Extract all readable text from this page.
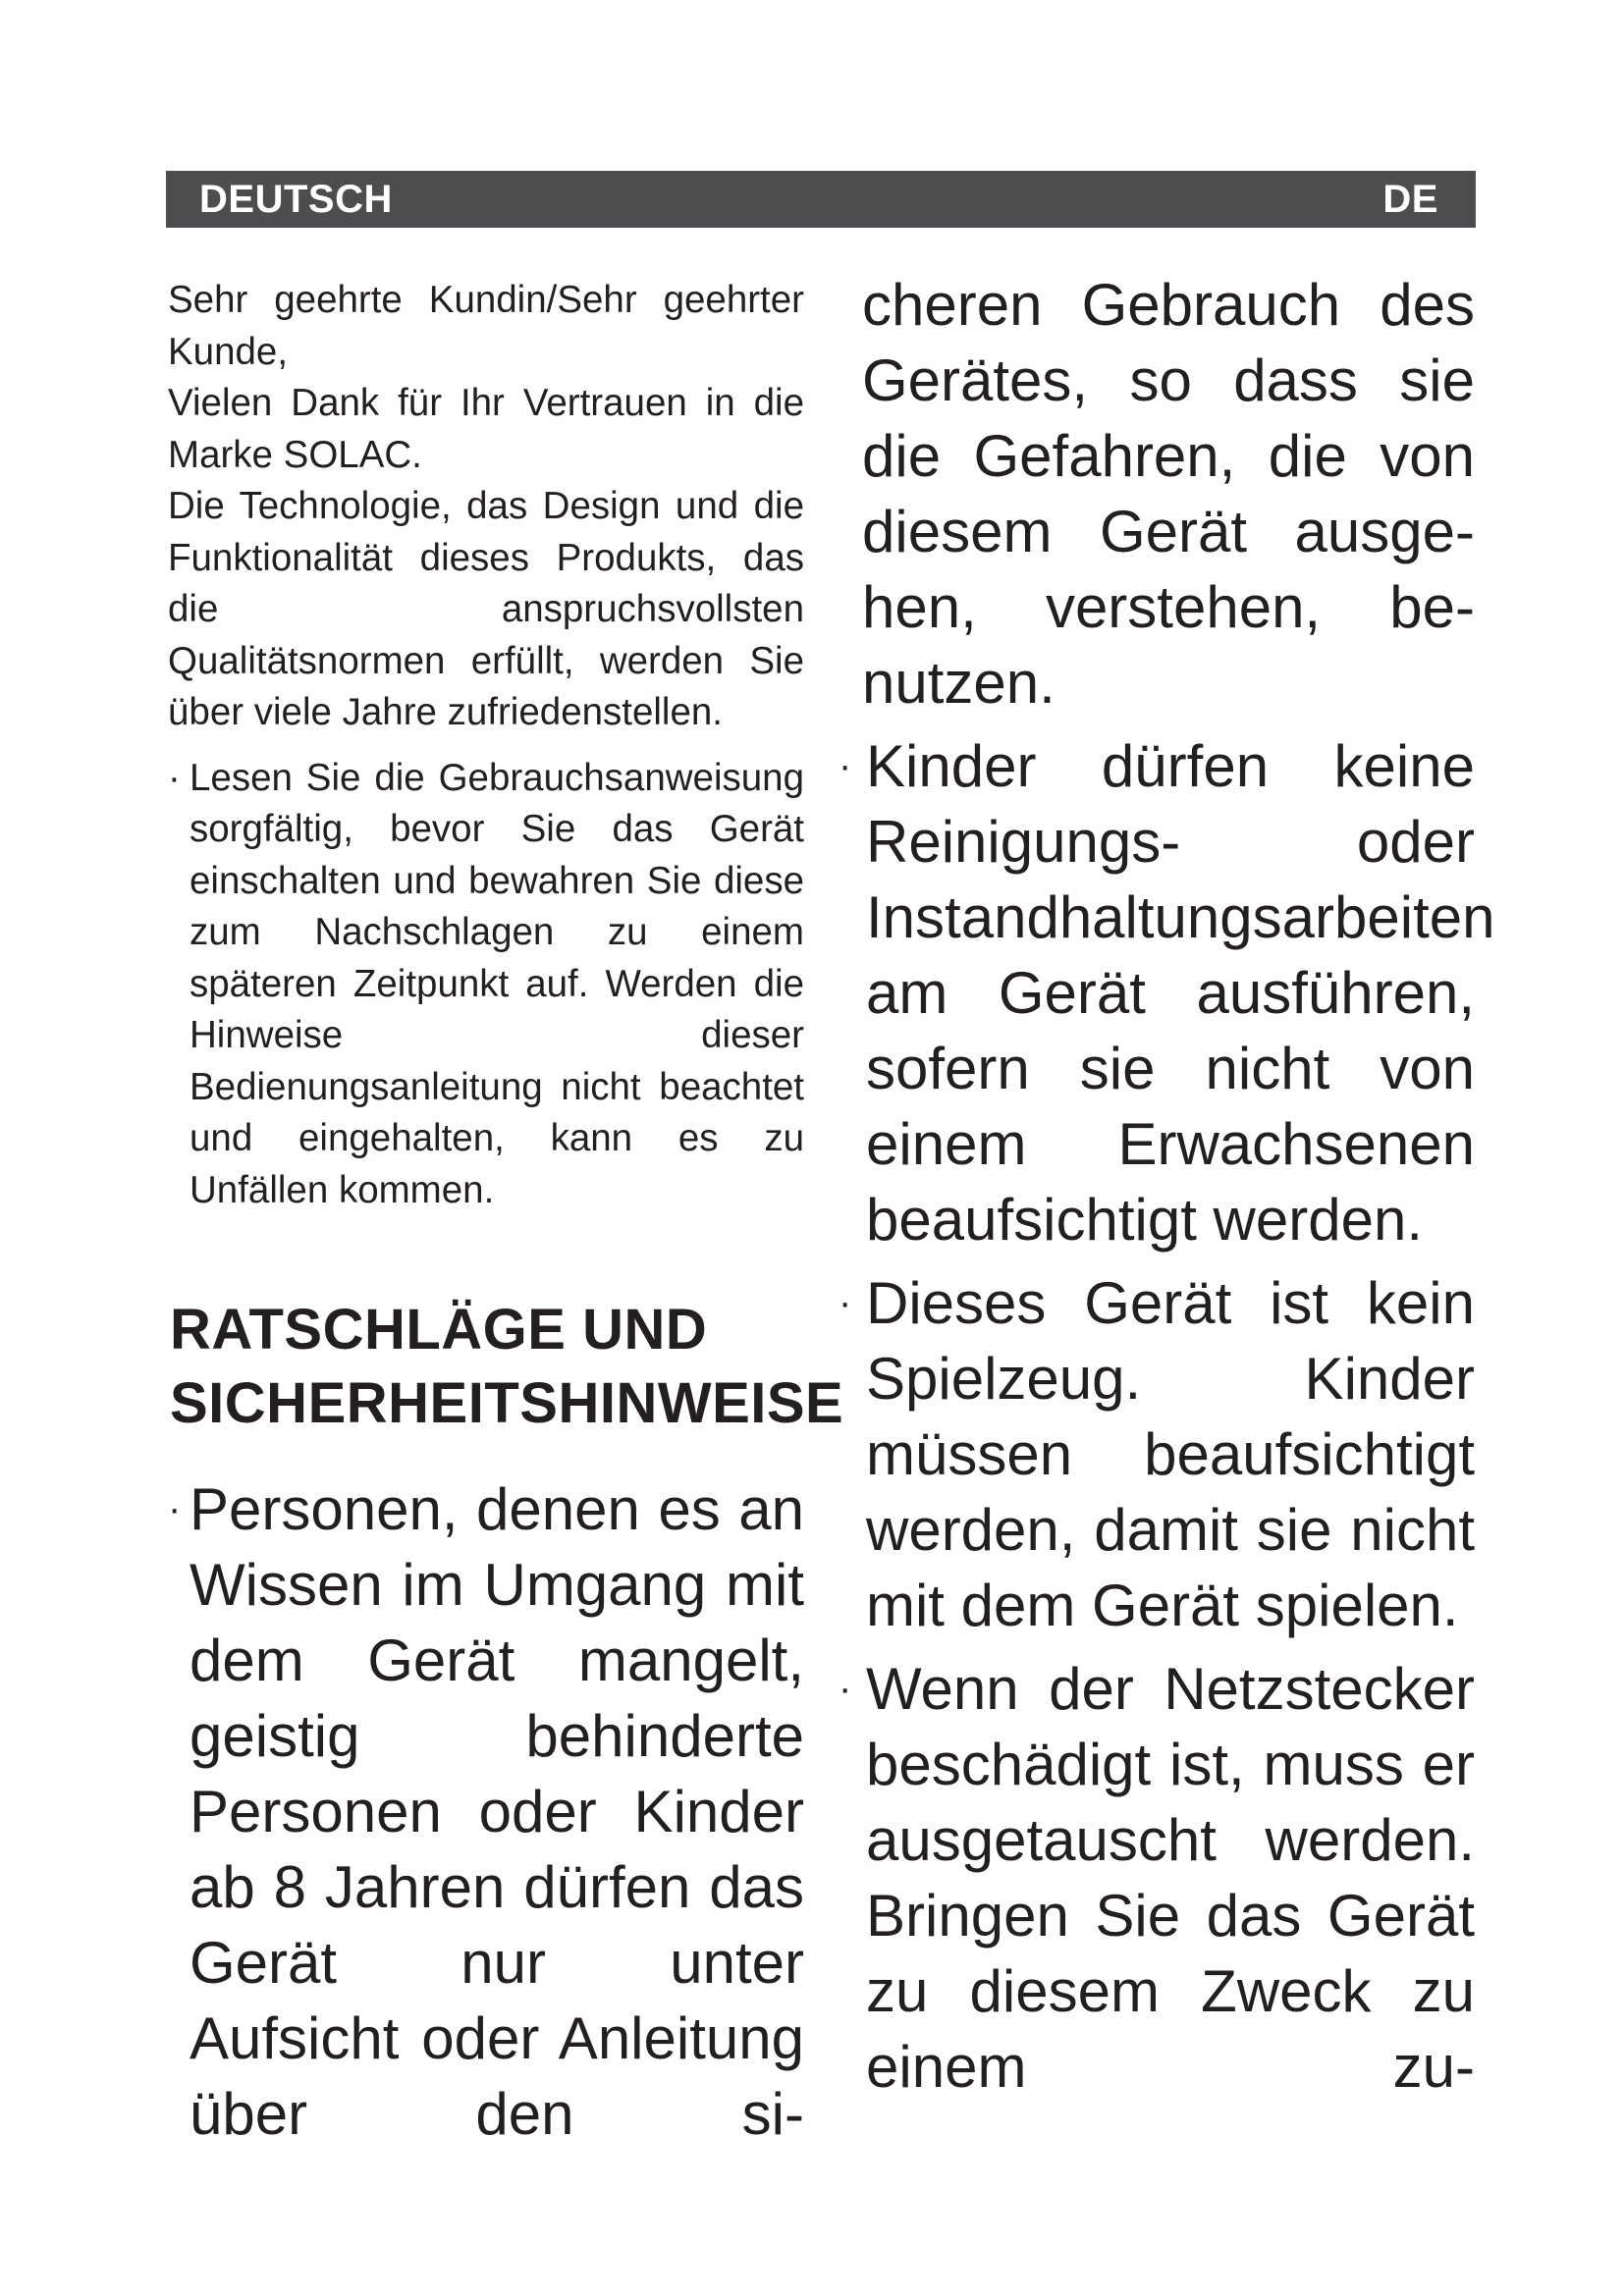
DEUTSCH	DE

Sehr geehrte Kundin/Sehr geehrter Kunde,

Vielen Dank für Ihr Vertrauen in die Marke SOLAC.

Die Technologie, das Design und die Funktionalität dieses Produkts, das die anspruchsvollsten Qualitätsnormen erfüllt, werden Sie über viele Jahre zufriedenstellen.

· Lesen Sie die Gebrauchsanweisung sorgfältig, bevor Sie das Gerät einschalten und bewahren Sie diese zum Nachschlagen zu einem späteren Zeitpunkt auf. Werden die Hinweise dieser Bedienungsanleitung nicht beachtet und eingehalten, kann es zu Unfällen kommen.

RATSCHLÄGE UND SICHERHEITSHINWEISE
· Personen, denen es an Wissen im Umgang mit dem Gerät mangelt, geistig behinderte Personen oder Kinder ab 8 Jahren dürfen das Gerät nur unter Aufsicht oder Anleitung über den si-

cheren Gebrauch des Gerätes, so dass sie die Gefahren, die von diesem Gerät ausgehen, verstehen, benutzen.

· Kinder dürfen keine Reinigungs- oder Instandhaltungsarbeiten am Gerät ausführen, sofern sie nicht von einem Erwachsenen beaufsichtigt werden.

· Dieses Gerät ist kein Spielzeug. Kinder müssen beaufsichtigt werden, damit sie nicht mit dem Gerät spielen.

· Wenn der Netzstecker beschädigt ist, muss er ausgetauscht werden. Bringen Sie das Gerät zu diesem Zweck zu einem zu-
